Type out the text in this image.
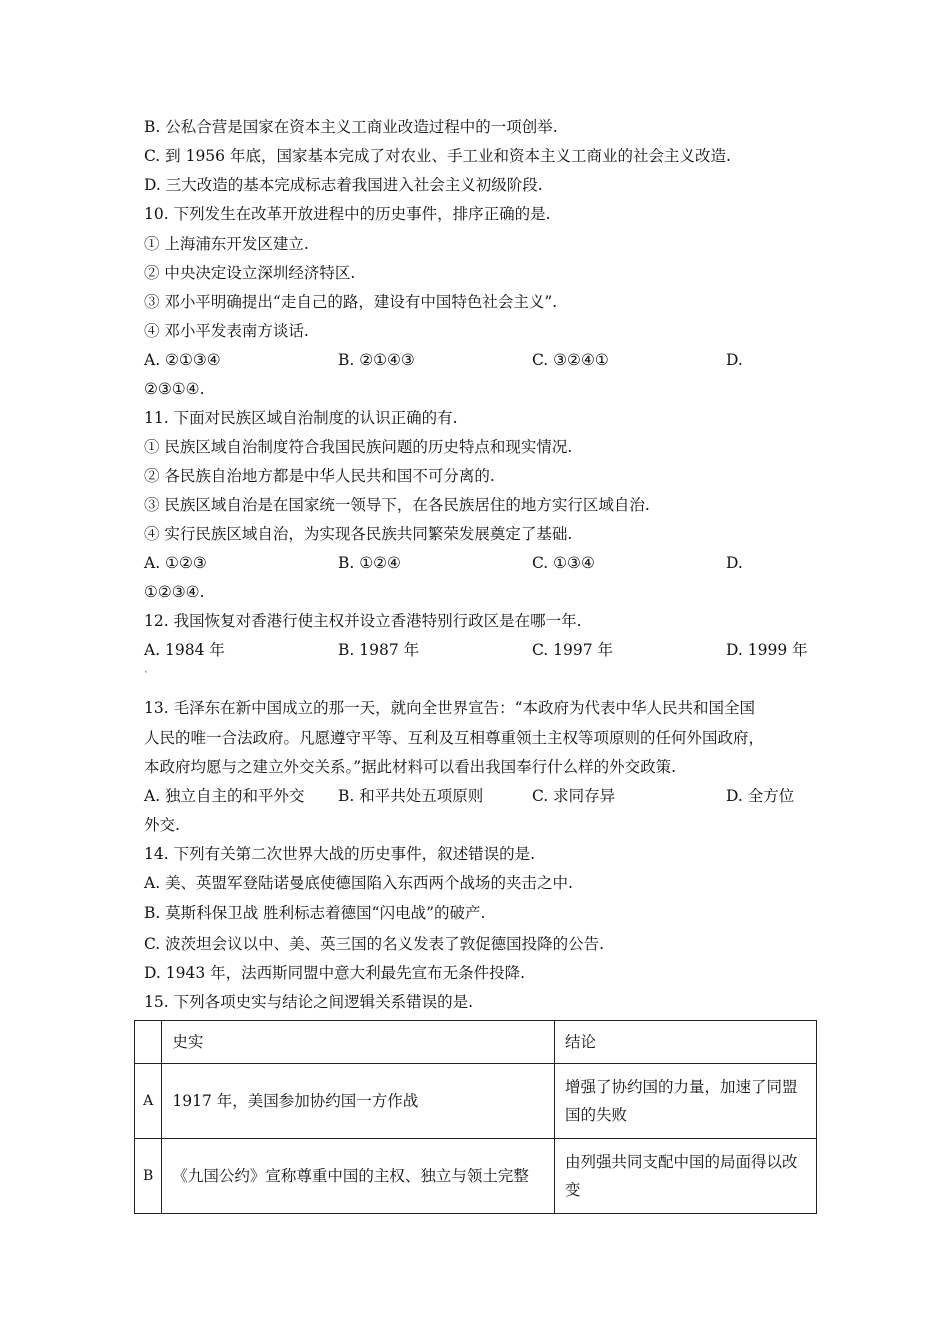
B. 公私合营是国家在资本主义工商业改造过程中的一项创举.
C. 到 1956 年底，国家基本完成了对农业、手工业和资本主义工商业的社会主义改造.
D. 三大改造的基本完成标志着我国进入社会主义初级阶段.
10. 下列发生在改革开放进程中的历史事件，排序正确的是.
① 上海浦东开发区建立.
② 中央决定设立深圳经济特区.
③ 邓小平明确提出“走自己的路，建设有中国特色社会主义”.
④ 邓小平发表南方谈话.
A. ②①③④	B. ②①④③	C. ③②④①	D.
②③①④.
11. 下面对民族区域自治制度的认识正确的有.
① 民族区域自治制度符合我国民族问题的历史特点和现实情况.
② 各民族自治地方都是中华人民共和国不可分离的.
③ 民族区域自治是在国家统一领导下，在各民族居住的地方实行区域自治.
④ 实行民族区域自治，为实现各民族共同繁荣发展奠定了基础.
A. ①②③	B. ①②④	C. ①③④	D.
①②③④.
12. 我国恢复对香港行使主权并设立香港特别行政区是在哪一年.
A. 1984 年	B. 1987 年	C. 1997 年	D. 1999 年
、
13. 毛泽东在新中国成立的那一天，就向全世界宣告：“本政府为代表中华人民共和国全国
人民的唯一合法政府。凡愿遵守平等、互利及互相尊重领土主权等项原则的任何外国政府，
本政府均愿与之建立外交关系。”据此材料可以看出我国奉行什么样的外交政策.
A. 独立自主的和平外交 B. 和平共处五项原则	C. 求同存异	D. 全方位
外交.
14. 下列有关第二次世界大战的历史事件，叙述错误的是.
A. 美、英盟军登陆诺曼底使德国陷入东西两个战场的夹击之中.
B. 莫斯科保卫战 胜利标志着德国“闪电战”的破产.
C. 波茨坦会议以中、美、英三国的名义发表了敦促德国投降的公告.
D. 1943 年，法西斯同盟中意大利最先宣布无条件投降.
15. 下列各项史实与结论之间逻辑关系错误的是.
	史实	结论
A	1917 年，美国参加协约国一方作战	增强了协约国的力量，加速了同盟国的失败
B	《九国公约》宣称尊重中国的主权、独立与领土完整	由列强共同支配中国的局面得以改变
